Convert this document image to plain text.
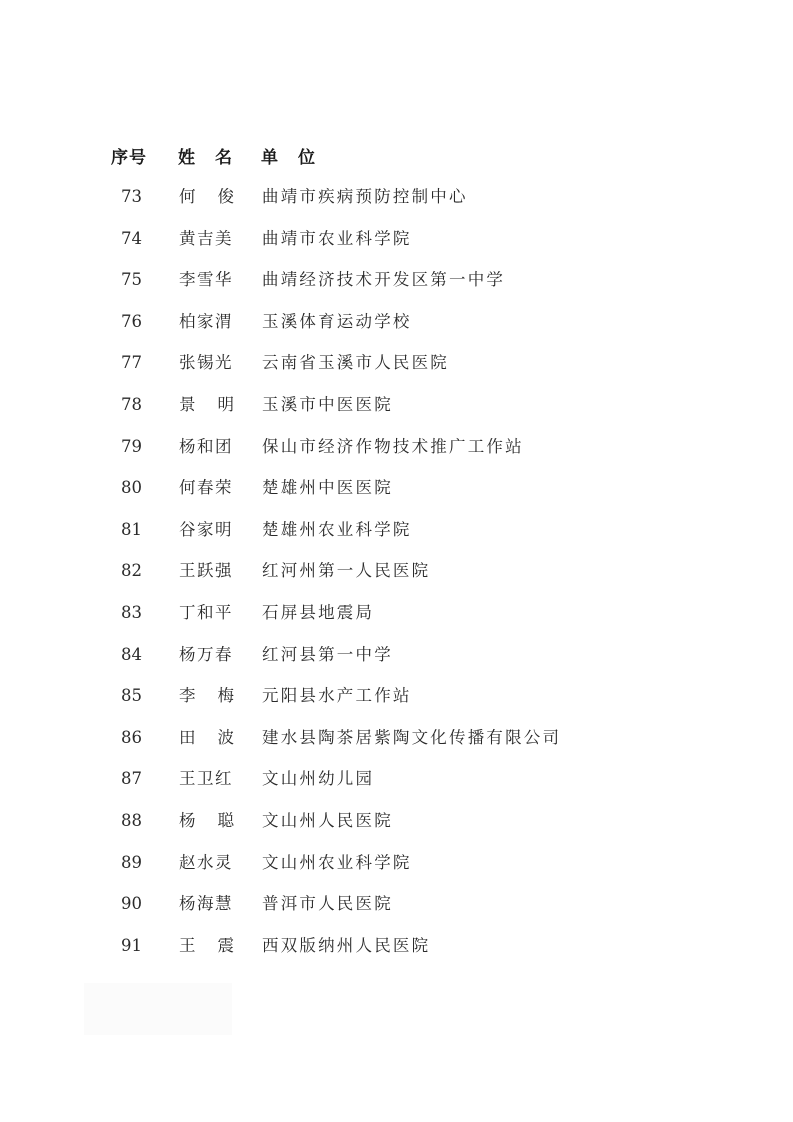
序号 姓名 单位
73 何俊 曲靖市疾病预防控制中心
74 黄吉美 曲靖市农业科学院
75 李雪华 曲靖经济技术开发区第一中学
76 柏家渭 玉溪体育运动学校
77 张锡光 云南省玉溪市人民医院
78 景明 玉溪市中医医院
79 杨和团 保山市经济作物技术推广工作站
80 何春荣 楚雄州中医医院
81 谷家明 楚雄州农业科学院
82 王跃强 红河州第一人民医院
83 丁和平 石屏县地震局
84 杨万春 红河县第一中学
85 李梅 元阳县水产工作站
86 田波 建水县陶茶居紫陶文化传播有限公司
87 王卫红 文山州幼儿园
88 杨聪 文山州人民医院
89 赵水灵 文山州农业科学院
90 杨海慧 普洱市人民医院
91 王震 西双版纳州人民医院
